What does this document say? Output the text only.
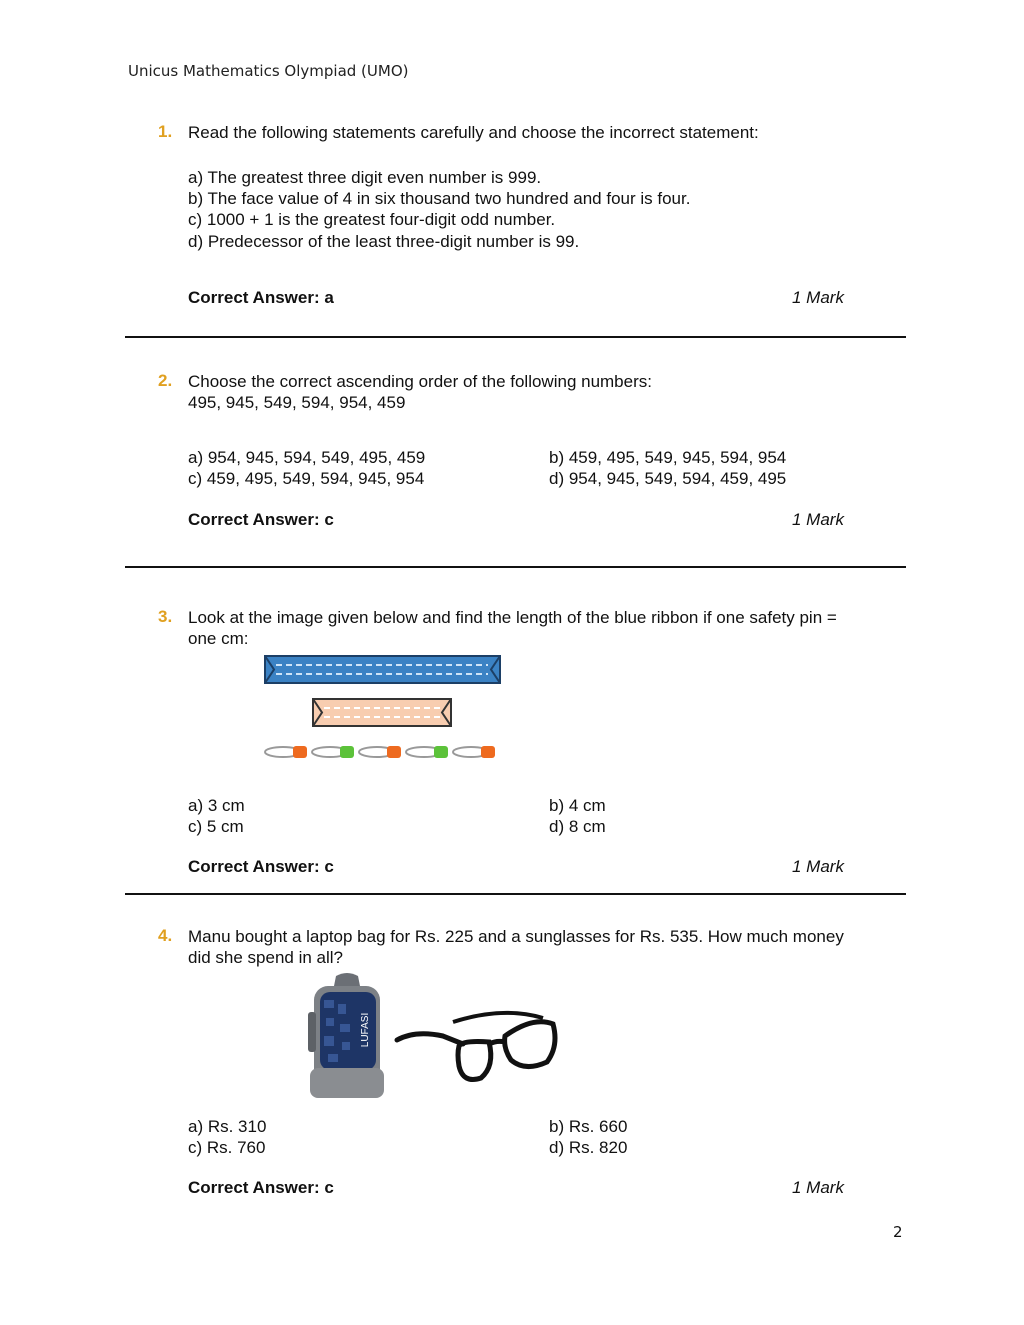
Unicus Mathematics Olympiad (UMO)
1. Read the following statements carefully and choose the incorrect statement:
a) The greatest three digit even number is 999.
b) The face value of 4 in six thousand two hundred and four is four.
c) 1000 + 1 is the greatest four-digit odd number.
d) Predecessor of the least three-digit number is 99.
Correct Answer: a	1 Mark
2. Choose the correct ascending order of the following numbers:
495, 945, 549, 594, 954, 459
a) 954, 945, 594, 549, 495, 459	b) 459, 495, 549, 945, 594, 954
c) 459, 495, 549, 594, 945, 954	d) 954, 945, 549, 594, 459, 495
Correct Answer: c	1 Mark
3. Look at the image given below and find the length of the blue ribbon if one safety pin =
one cm:
a) 3 cm	b) 4 cm
c) 5 cm	d) 8 cm
Correct Answer: c	1 Mark
4. Manu bought a laptop bag for Rs. 225 and a sunglasses for Rs. 535. How much money
did she spend in all?
LUFASI
a) Rs. 310	b) Rs. 660
c) Rs. 760	d) Rs. 820
Correct Answer: c	1 Mark
2
